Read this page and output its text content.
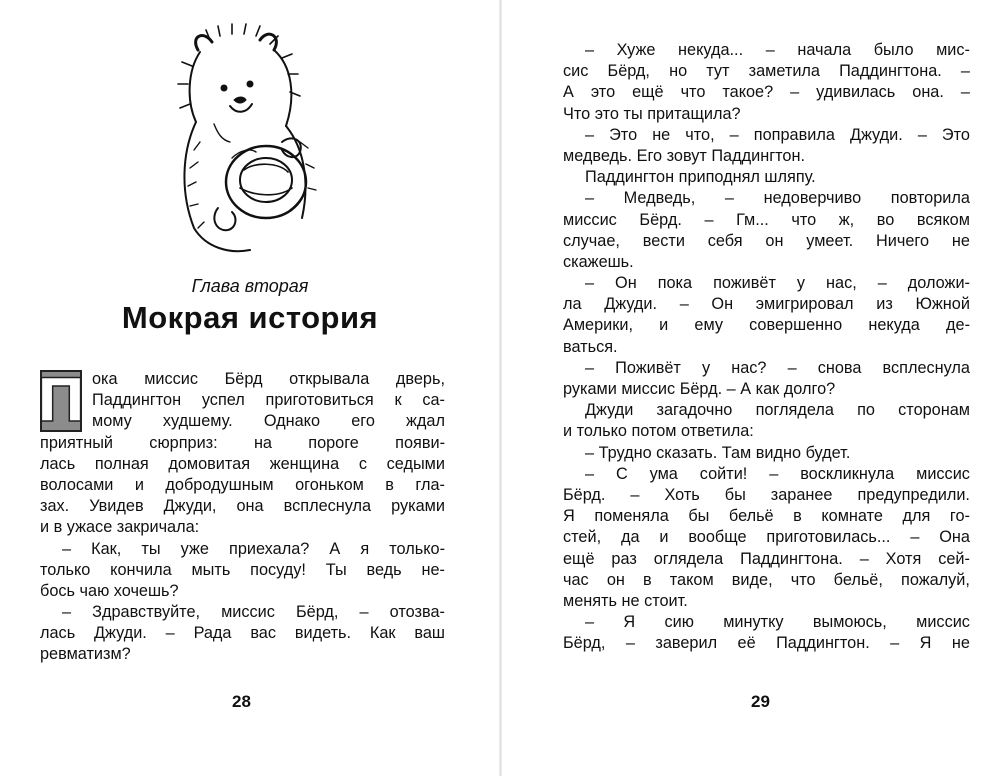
Глава вторая
Мокрая история
П ока миссис Бёрд открывала дверь,
Паддингтон успел приготовиться к са-
мому худшему. Однако его ждал
приятный сюрприз: на пороге появи-
лась полная домовитая женщина с седыми
волосами и добродушным огоньком в гла-
зах. Увидев Джуди, она всплеснула руками
и в ужасе закричала:
– Как, ты уже приехала? А я только-
только кончила мыть посуду! Ты ведь не-
бось чаю хочешь?
– Здравствуйте, миссис Бёрд, – отозва-
лась Джуди. – Рада вас видеть. Как ваш
ревматизм?
28
– Хуже некуда... – начала было мис-
сис Бёрд, но тут заметила Паддингтона. –
А это ещё что такое? – удивилась она. –
Что это ты притащила?
– Это не что, – поправила Джуди. – Это
медведь. Его зовут Паддингтон.
Паддингтон приподнял шляпу.
– Медведь, – недоверчиво повторила
миссис Бёрд. – Гм... что ж, во всяком
случае, вести себя он умеет. Ничего не
скажешь.
– Он пока поживёт у нас, – доложи-
ла Джуди. – Он эмигрировал из Южной
Америки, и ему совершенно некуда де-
ваться.
– Поживёт у нас? – снова всплеснула
руками миссис Бёрд. – А как долго?
Джуди загадочно поглядела по сторонам
и только потом ответила:
– Трудно сказать. Там видно будет.
– С ума сойти! – воскликнула миссис
Бёрд. – Хоть бы заранее предупредили.
Я поменяла бы бельё в комнате для го-
стей, да и вообще приготовилась... – Она
ещё раз оглядела Паддингтона. – Хотя сей-
час он в таком виде, что бельё, пожалуй,
менять не стоит.
– Я сию минутку вымоюсь, миссис
Бёрд, – заверил её Паддингтон. – Я не
29
